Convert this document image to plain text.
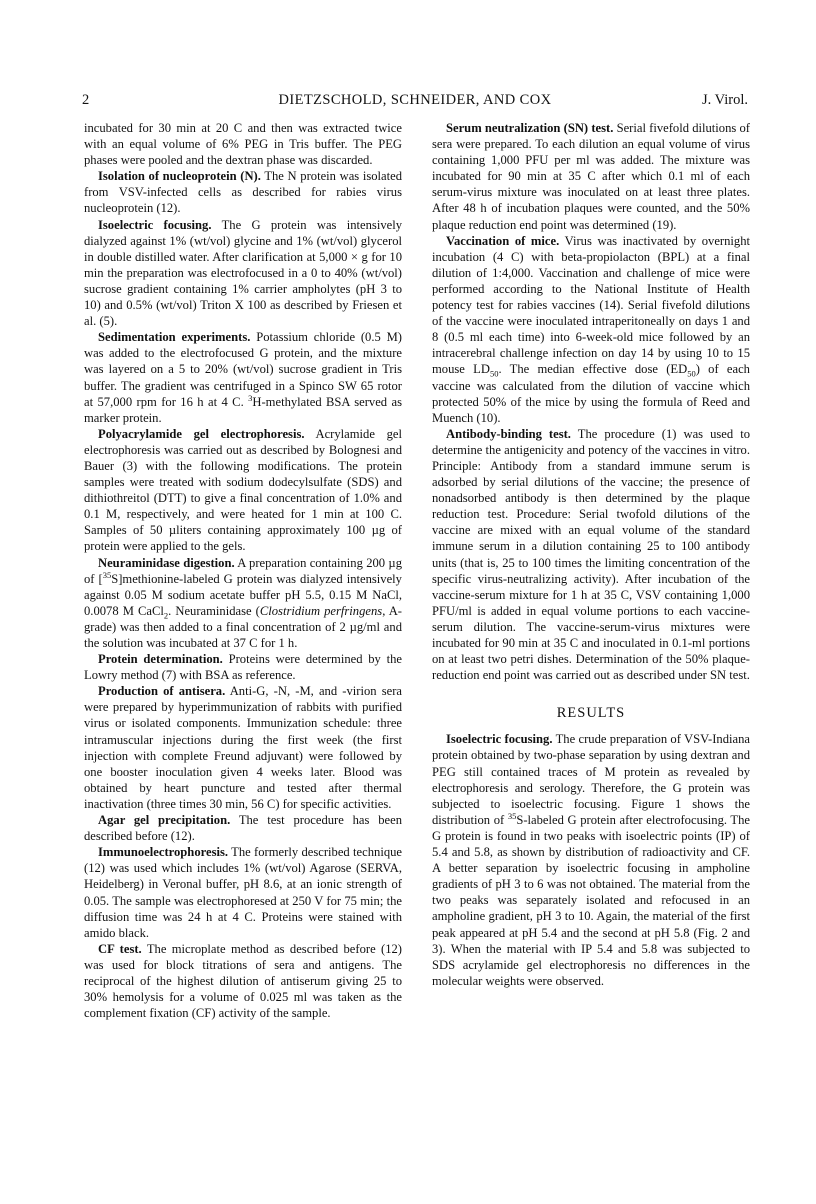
2	DIETZSCHOLD, SCHNEIDER, AND COX	J. Virol.

incubated for 30 min at 20 C and then was extracted twice with an equal volume of 6% PEG in Tris buffer. The PEG phases were pooled and the dextran phase was discarded.

Isolation of nucleoprotein (N). The N protein was isolated from VSV-infected cells as described for rabies virus nucleoprotein (12).

Isoelectric focusing. The G protein was intensively dialyzed against 1% (wt/vol) glycine and 1% (wt/vol) glycerol in double distilled water. After clarification at 5,000 × g for 10 min the preparation was electrofocused in a 0 to 40% (wt/vol) sucrose gradient containing 1% carrier ampholytes (pH 3 to 10) and 0.5% (wt/vol) Triton X 100 as described by Friesen et al. (5).

Sedimentation experiments. Potassium chloride (0.5 M) was added to the electrofocused G protein, and the mixture was layered on a 5 to 20% (wt/vol) sucrose gradient in Tris buffer. The gradient was centrifuged in a Spinco SW 65 rotor at 57,000 rpm for 16 h at 4 C. $^3$H-methylated BSA served as marker protein.

Polyacrylamide gel electrophoresis. Acrylamide gel electrophoresis was carried out as described by Bolognesi and Bauer (3) with the following modifications. The protein samples were treated with sodium dodecylsulfate (SDS) and dithiothreitol (DTT) to give a final concentration of 1.0% and 0.1 M, respectively, and were heated for 1 min at 100 C. Samples of 50 µliters containing approximately 100 µg of protein were applied to the gels.

Neuraminidase digestion. A preparation containing 200 µg of [$^{35}$S]methionine-labeled G protein was dialyzed intensively against 0.05 M sodium acetate buffer pH 5.5, 0.15 M NaCl, 0.0078 M CaCl$_2$. Neuraminidase (Clostridium perfringens, A-grade) was then added to a final concentration of 2 µg/ml and the solution was incubated at 37 C for 1 h.

Protein determination. Proteins were determined by the Lowry method (7) with BSA as reference.

Production of antisera. Anti-G, -N, -M, and -virion sera were prepared by hyperimmunization of rabbits with purified virus or isolated components. Immunization schedule: three intramuscular injections during the first week (the first injection with complete Freund adjuvant) were followed by one booster inoculation given 4 weeks later. Blood was obtained by heart puncture and tested after thermal inactivation (three times 30 min, 56 C) for specific activities.

Agar gel precipitation. The test procedure has been described before (12).

Immunoelectrophoresis. The formerly described technique (12) was used which includes 1% (wt/vol) Agarose (SERVA, Heidelberg) in Veronal buffer, pH 8.6, at an ionic strength of 0.05. The sample was electrophoresed at 250 V for 75 min; the diffusion time was 24 h at 4 C. Proteins were stained with amido black.

CF test. The microplate method as described before (12) was used for block titrations of sera and antigens. The reciprocal of the highest dilution of antiserum giving 25 to 30% hemolysis for a volume of 0.025 ml was taken as the complement fixation (CF) activity of the sample.

Serum neutralization (SN) test. Serial fivefold dilutions of sera were prepared. To each dilution an equal volume of virus containing 1,000 PFU per ml was added. The mixture was incubated for 90 min at 35 C after which 0.1 ml of each serum-virus mixture was inoculated on at least three plates. After 48 h of incubation plaques were counted, and the 50% plaque reduction end point was determined (19).

Vaccination of mice. Virus was inactivated by overnight incubation (4 C) with beta-propiolacton (BPL) at a final dilution of 1:4,000. Vaccination and challenge of mice were performed according to the National Institute of Health potency test for rabies vaccines (14). Serial fivefold dilutions of the vaccine were inoculated intraperitoneally on days 1 and 8 (0.5 ml each time) into 6-week-old mice followed by an intracerebral challenge infection on day 14 by using 10 to 15 mouse $LD_{50}$. The median effective dose $(ED_{50})$ of each vaccine was calculated from the dilution of vaccine which protected 50% of the mice by using the formula of Reed and Muench (10).

Antibody-binding test. The procedure (1) was used to determine the antigenicity and potency of the vaccines in vitro. Principle: Antibody from a standard immune serum is adsorbed by serial dilutions of the vaccine; the presence of nonadsorbed antibody is then determined by the plaque reduction test. Procedure: Serial twofold dilutions of the vaccine are mixed with an equal volume of the standard immune serum in a dilution containing 25 to 100 antibody units (that is, 25 to 100 times the limiting concentration of the specific virus-neutralizing activity). After incubation of the vaccine-serum mixture for 1 h at 35 C, VSV containing 1,000 PFU/ml is added in equal volume portions to each vaccine-serum dilution. The vaccine-serum-virus mixtures were incubated for 90 min at 35 C and inoculated in 0.1-ml portions on at least two petri dishes. Determination of the 50% plaque-reduction end point was carried out as described under SN test.

RESULTS

Isoelectric focusing. The crude preparation of VSV-Indiana protein obtained by two-phase separation by using dextran and PEG still contained traces of M protein as revealed by electrophoresis and serology. Therefore, the G protein was subjected to isoelectric focusing. Figure 1 shows the distribution of $^{35}$S-labeled G protein after electrofocusing. The G protein is found in two peaks with isoelectric points (IP) of 5.4 and 5.8, as shown by distribution of radioactivity and CF. A better separation by isoelectric focusing in ampholine gradients of pH 3 to 6 was not obtained. The material from the two peaks was separately isolated and refocused in an ampholine gradient, pH 3 to 10. Again, the material of the first peak appeared at pH 5.4 and the second at pH 5.8 (Fig. 2 and 3). When the material with IP 5.4 and 5.8 was subjected to SDS acrylamide gel electrophoresis no differences in the molecular weights were observed.
